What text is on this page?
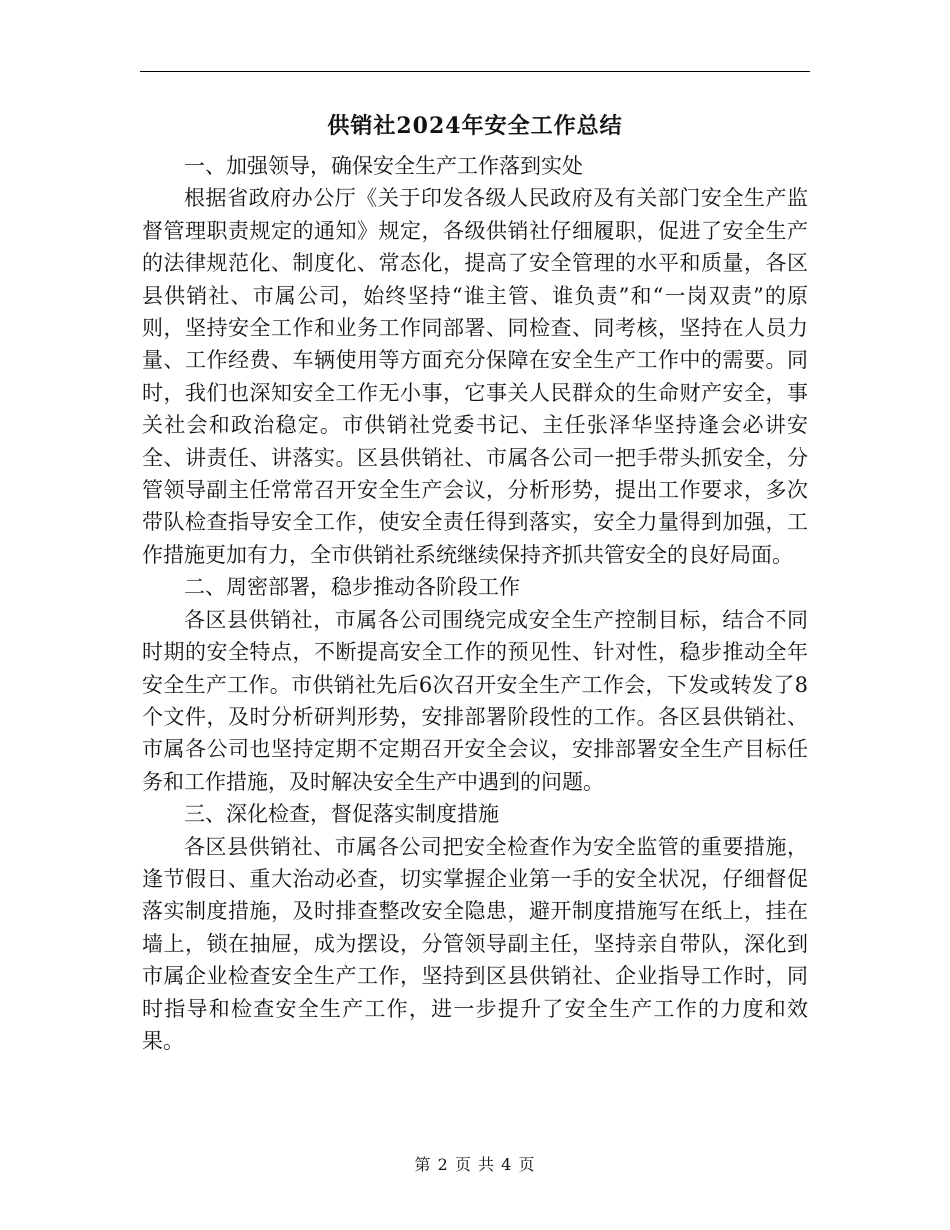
供销社2024年安全工作总结

一、加强领导，确保安全生产工作落到实处

根据省政府办公厅《关于印发各级人民政府及有关部门安全生产监督管理职责规定的通知》规定，各级供销社仔细履职，促进了安全生产的法律规范化、制度化、常态化，提高了安全管理的水平和质量，各区县供销社、市属公司，始终坚持“谁主管、谁负责”和“一岗双责”的原则，坚持安全工作和业务工作同部署、同检查、同考核，坚持在人员力量、工作经费、车辆使用等方面充分保障在安全生产工作中的需要。同时，我们也深知安全工作无小事，它事关人民群众的生命财产安全，事关社会和政治稳定。市供销社党委书记、主任张泽华坚持逢会必讲安全、讲责任、讲落实。区县供销社、市属各公司一把手带头抓安全，分管领导副主任常常召开安全生产会议，分析形势，提出工作要求，多次带队检查指导安全工作，使安全责任得到落实，安全力量得到加强，工作措施更加有力，全市供销社系统继续保持齐抓共管安全的良好局面。

二、周密部署，稳步推动各阶段工作

各区县供销社，市属各公司围绕完成安全生产控制目标，结合不同时期的安全特点，不断提高安全工作的预见性、针对性，稳步推动全年安全生产工作。市供销社先后6次召开安全生产工作会，下发或转发了8个文件，及时分析研判形势，安排部署阶段性的工作。各区县供销社、市属各公司也坚持定期不定期召开安全会议，安排部署安全生产目标任务和工作措施，及时解决安全生产中遇到的问题。

三、深化检查，督促落实制度措施

各区县供销社、市属各公司把安全检查作为安全监管的重要措施，逢节假日、重大治动必查，切实掌握企业第一手的安全状况，仔细督促落实制度措施，及时排查整改安全隐患，避开制度措施写在纸上，挂在墙上，锁在抽屉，成为摆设，分管领导副主任，坚持亲自带队，深化到市属企业检查安全生产工作，坚持到区县供销社、企业指导工作时，同时指导和检查安全生产工作，进一步提升了安全生产工作的力度和效果。

第 2 页 共 4 页
